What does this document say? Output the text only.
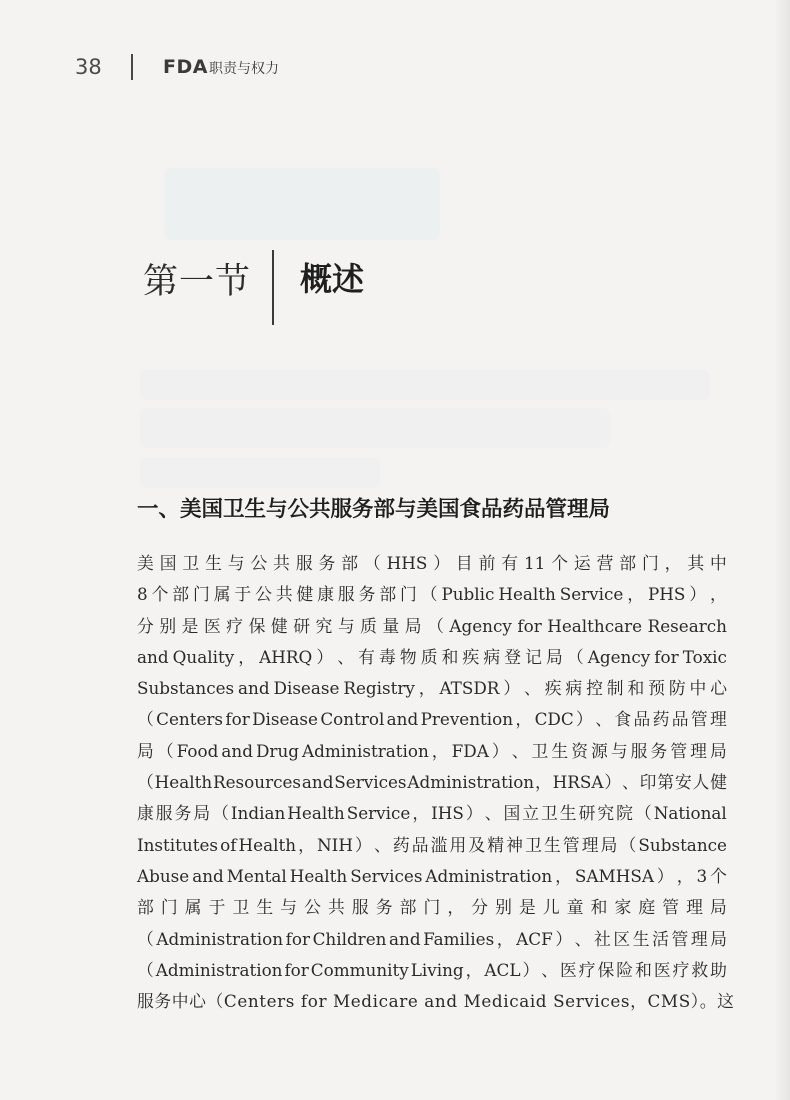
38	FDA职责与权力
第一节 概述
一、美国卫生与公共服务部与美国食品药品管理局
美 国 卫 生 与 公 共 服 务 部 （ HHS ） 目 前 有 11 个 运 营 部 门 ， 其 中
8 个 部 门 属 于 公 共 健 康 服 务 部 门 （ Public Health Service ， PHS ） ，
分 别 是 医 疗 保 健 研 究 与 质 量 局 （ Agency for Healthcare Research
and Quality ， AHRQ ） 、 有 毒 物 质 和 疾 病 登 记 局 （ Agency for Toxic
Substances and Disease Registry ， ATSDR ） 、 疾 病 控 制 和 预 防 中 心
（ Centers for Disease Control and Prevention ， CDC ） 、 食 品 药 品 管 理
局 （ Food and Drug Administration ， FDA ） 、 卫 生 资 源 与 服 务 管 理 局
（ Health Resources and Services Administration ， HRSA ） 、 印 第 安 人 健
康 服 务 局 （ Indian Health Service ， IHS ） 、 国 立 卫 生 研 究 院 （ National
Institutes of Health ， NIH ） 、 药 品 滥 用 及 精 神 卫 生 管 理 局 （ Substance
Abuse and Mental Health Services Administration ， SAMHSA ） ， 3 个
部 门 属 于 卫 生 与 公 共 服 务 部 门 ， 分 别 是 儿 童 和 家 庭 管 理 局
（ Administration for Children and Families ， ACF ） 、 社 区 生 活 管 理 局
（ Administration for Community Living ， ACL ） 、 医 疗 保 险 和 医 疗 救 助
服务中心（Centers for Medicare and Medicaid Services，CMS）。这
